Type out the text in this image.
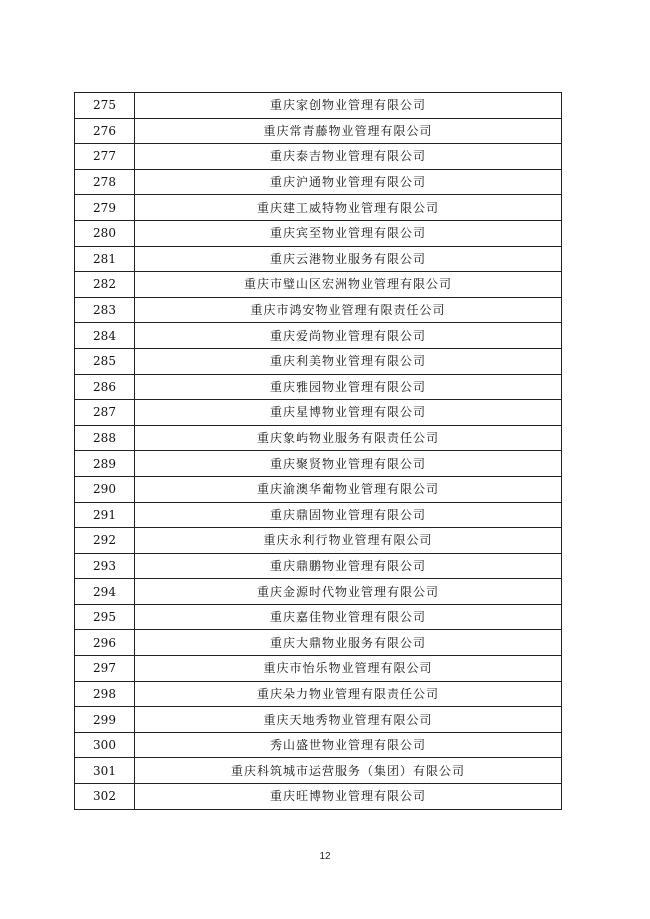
275	重庆家创物业管理有限公司
276	重庆常青藤物业管理有限公司
277	重庆泰吉物业管理有限公司
278	重庆沪通物业管理有限公司
279	重庆建工威特物业管理有限公司
280	重庆宾至物业管理有限公司
281	重庆云港物业服务有限公司
282	重庆市璧山区宏洲物业管理有限公司
283	重庆市鸿安物业管理有限责任公司
284	重庆爱尚物业管理有限公司
285	重庆利美物业管理有限公司
286	重庆雅园物业管理有限公司
287	重庆星博物业管理有限公司
288	重庆象屿物业服务有限责任公司
289	重庆聚贤物业管理有限公司
290	重庆渝澳华葡物业管理有限公司
291	重庆鼎固物业管理有限公司
292	重庆永利行物业管理有限公司
293	重庆鼎鹏物业管理有限公司
294	重庆金源时代物业管理有限公司
295	重庆嘉佳物业管理有限公司
296	重庆大鼎物业服务有限公司
297	重庆市怡乐物业管理有限公司
298	重庆朵力物业管理有限责任公司
299	重庆天地秀物业管理有限公司
300	秀山盛世物业管理有限公司
301	重庆科筑城市运营服务（集团）有限公司
302	重庆旺博物业管理有限公司
12
